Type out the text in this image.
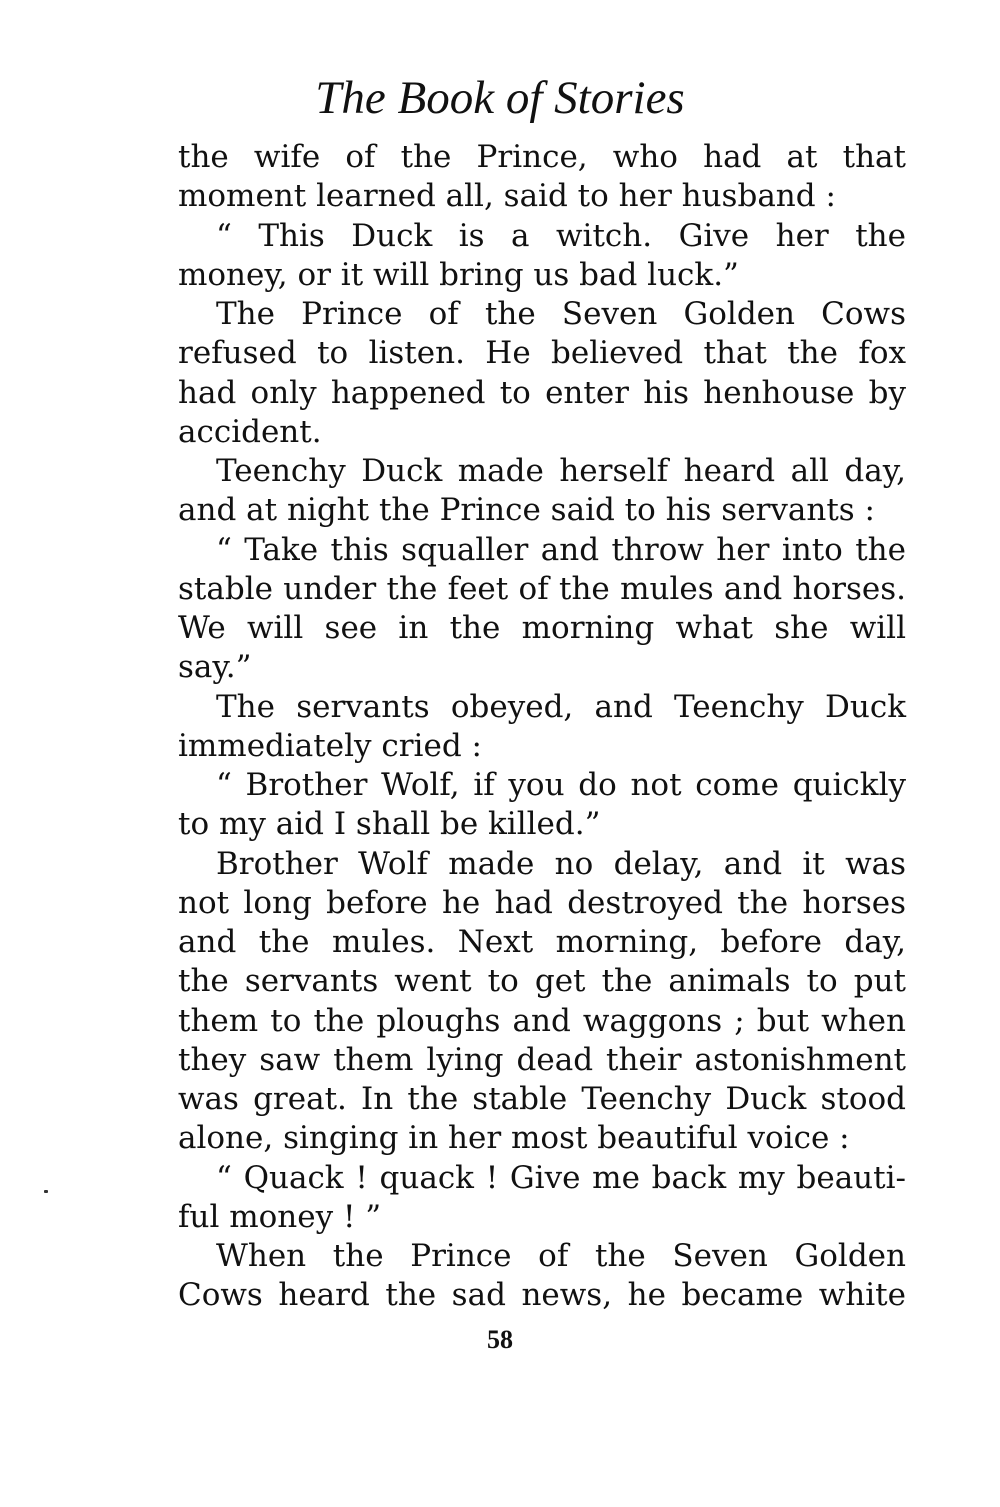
The Book of Stories
the wife of the Prince, who had at that
moment learned all, said to her husband :
“ This Duck is a witch. Give her the
money, or it will bring us bad luck.”
The Prince of the Seven Golden Cows
refused to listen. He believed that the fox
had only happened to enter his henhouse by
accident.
Teenchy Duck made herself heard all day,
and at night the Prince said to his servants :
“ Take this squaller and throw her into the
stable under the feet of the mules and horses.
We will see in the morning what she will
say.”
The servants obeyed, and Teenchy Duck
immediately cried :
“ Brother Wolf, if you do not come quickly
to my aid I shall be killed.”
Brother Wolf made no delay, and it was
not long before he had destroyed the horses
and the mules. Next morning, before day,
the servants went to get the animals to put
them to the ploughs and waggons ; but when
they saw them lying dead their astonishment
was great. In the stable Teenchy Duck stood
alone, singing in her most beautiful voice :
“ Quack ! quack ! Give me back my beauti-
ful money ! ”
When the Prince of the Seven Golden
Cows heard the sad news, he became white
58
